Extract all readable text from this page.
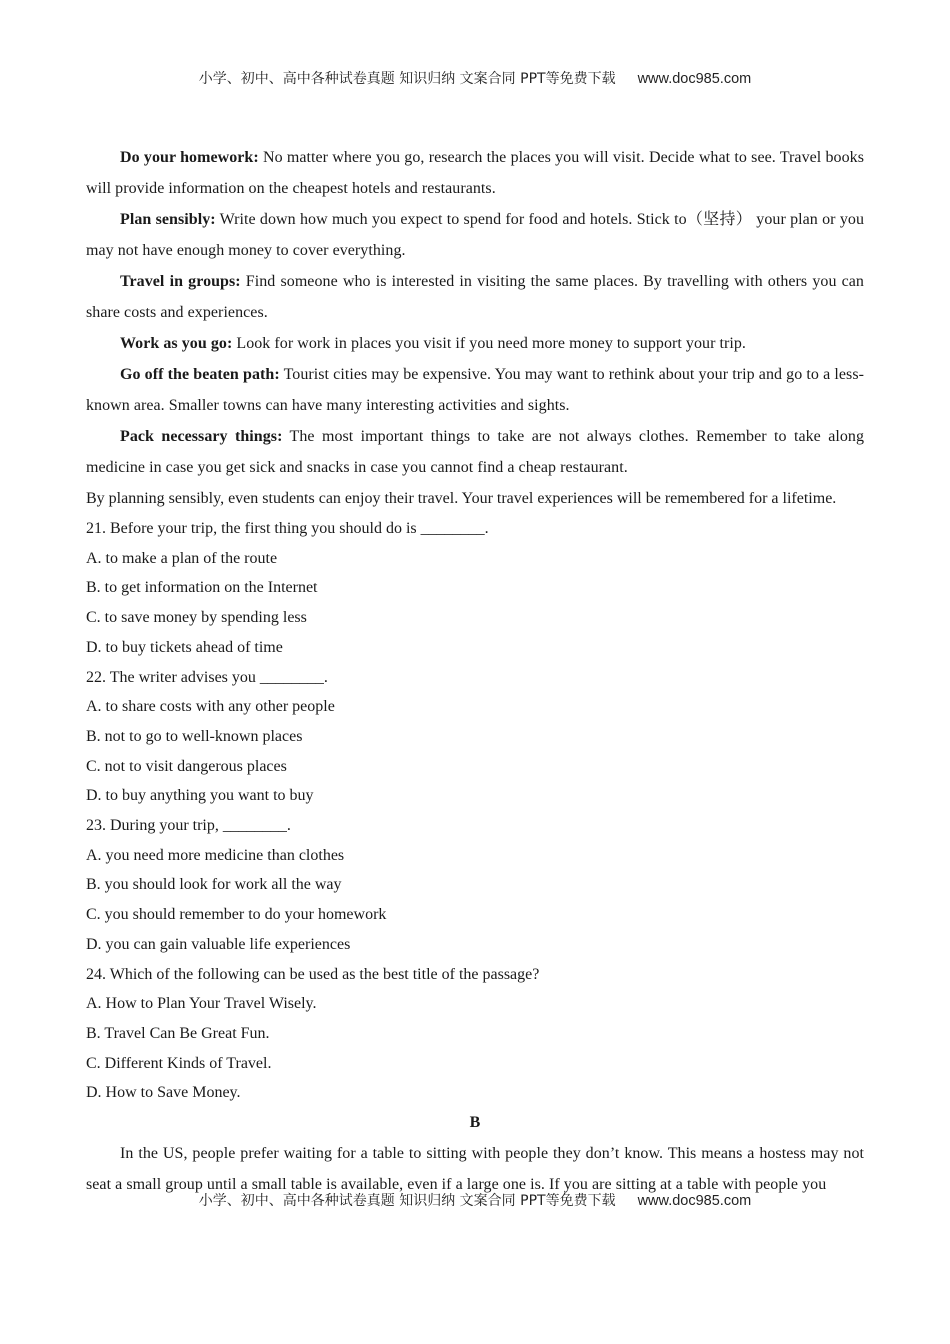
小学、初中、高中各种试卷真题 知识归纳 文案合同 PPT等免费下载 www.doc985.com

Do your homework: No matter where you go, research the places you will visit. Decide what to see. Travel books will provide information on the cheapest hotels and restaurants.

Plan sensibly: Write down how much you expect to spend for food and hotels. Stick to（坚持） your plan or you may not have enough money to cover everything.

Travel in groups: Find someone who is interested in visiting the same places. By travelling with others you can share costs and experiences.

Work as you go: Look for work in places you visit if you need more money to support your trip.

Go off the beaten path: Tourist cities may be expensive. You may want to rethink about your trip and go to a less-known area. Smaller towns can have many interesting activities and sights.

Pack necessary things: The most important things to take are not always clothes. Remember to take along medicine in case you get sick and snacks in case you cannot find a cheap restaurant.

By planning sensibly, even students can enjoy their travel. Your travel experiences will be remembered for a lifetime.

21. Before your trip, the first thing you should do is ________.

A. to make a plan of the route

B. to get information on the Internet

C. to save money by spending less

D. to buy tickets ahead of time

22. The writer advises you ________.

A. to share costs with any other people

B. not to go to well-known places

C. not to visit dangerous places

D. to buy anything you want to buy

23. During your trip, ________.

A. you need more medicine than clothes

B. you should look for work all the way

C. you should remember to do your homework

D. you can gain valuable life experiences

24. Which of the following can be used as the best title of the passage?

A. How to Plan Your Travel Wisely.

B. Travel Can Be Great Fun.

C. Different Kinds of Travel.

D. How to Save Money.

B

In the US, people prefer waiting for a table to sitting with people they don’t know. This means a hostess may not seat a small group until a small table is available, even if a large one is. If you are sitting at a table with people you

小学、初中、高中各种试卷真题 知识归纳 文案合同 PPT等免费下载 www.doc985.com
